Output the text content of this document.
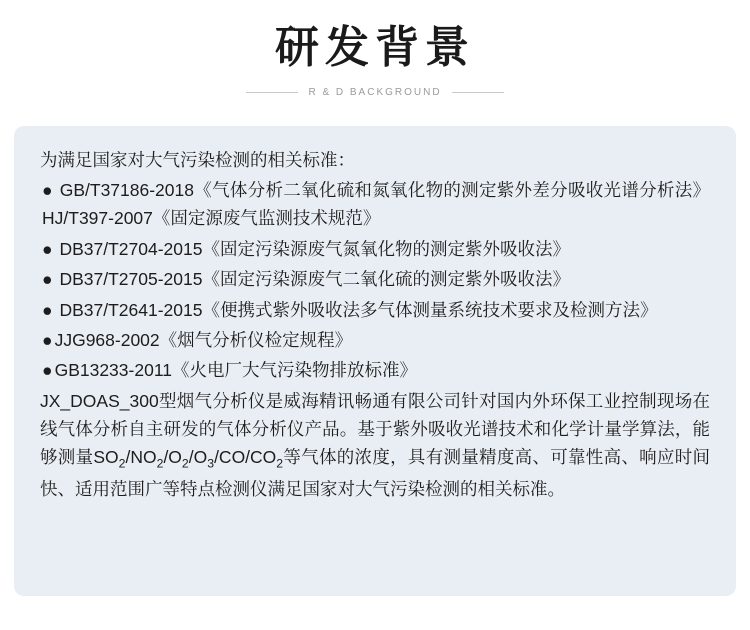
研发背景
R & D BACKGROUND

为满足国家对大气污染检测的相关标准：

● GB/T37186-2018《气体分析二氧化硫和氮氧化物的测定紫外差分吸收光谱分析法》HJ/T397-2007《固定源废气监测技术规范》

● DB37/T2704-2015《固定污染源废气氮氧化物的测定紫外吸收法》

● DB37/T2705-2015《固定污染源废气二氧化硫的测定紫外吸收法》

● DB37/T2641-2015《便携式紫外吸收法多气体测量系统技术要求及检测方法》

● JJG968-2002《烟气分析仪检定规程》

● GB13233-2011《火电厂大气污染物排放标准》

JX_DOAS_300型烟气分析仪是威海精讯畅通有限公司针对国内外环保工业控制现场在线气体分析自主研发的气体分析仪产品。基于紫外吸收光谱技术和化学计量学算法，能够测量$SO_2/NO_2/O_2/O_3/CO/CO_2$等气体的浓度，具有测量精度高、可靠性高、响应时间快、适用范围广等特点检测仪满足国家对大气污染检测的相关标准。
